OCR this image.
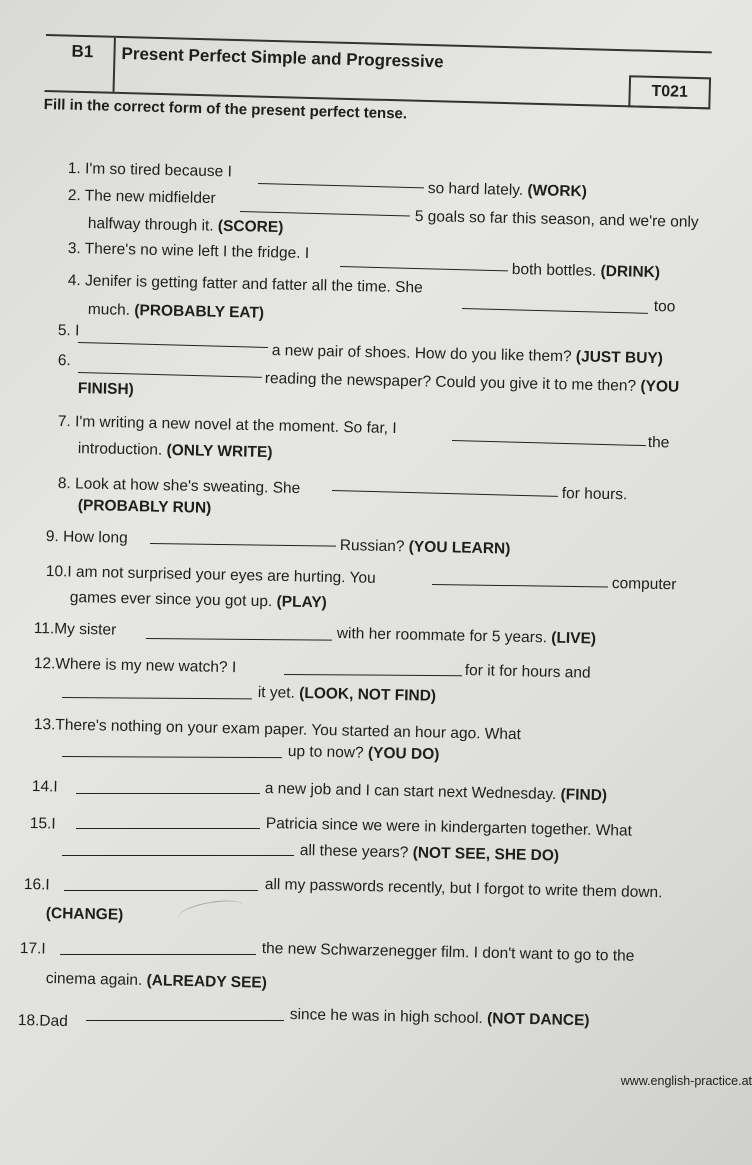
B1	Present Perfect Simple and Progressive
T021
Fill in the correct form of the present perfect tense.
1. I'm so tired because I
so hard lately. (WORK)
2. The new midfielder
5 goals so far this season, and we're only
halfway through it. (SCORE)
3. There's no wine left I the fridge. I
both bottles. (DRINK)
4. Jenifer is getting fatter and fatter all the time. She
too
much. (PROBABLY EAT)
5. I
a new pair of shoes. How do you like them? (JUST BUY)
6.
reading the newspaper? Could you give it to me then? (YOU
FINISH)
7. I'm writing a new novel at the moment. So far, I
the
introduction. (ONLY WRITE)
8. Look at how she's sweating. She	for hours.
(PROBABLY RUN)
9. How long	Russian? (YOU LEARN)
10.I am not surprised your eyes are hurting. You	computer
games ever since you got up. (PLAY)
11.My sister	with her roommate for 5 years. (LIVE)
12.Where is my new watch? I	for it for hours and
it yet. (LOOK, NOT FIND)
13.There's nothing on your exam paper. You started an hour ago. What
up to now? (YOU DO)
14.I	a new job and I can start next Wednesday. (FIND)
15.I	Patricia since we were in kindergarten together. What
all these years? (NOT SEE, SHE DO)
16.I	all my passwords recently, but I forgot to write them down.
(CHANGE)
17.I	the new Schwarzenegger film. I don't want to go to the
cinema again. (ALREADY SEE)
18.Dad	since he was in high school. (NOT DANCE)
www.english-practice.at
